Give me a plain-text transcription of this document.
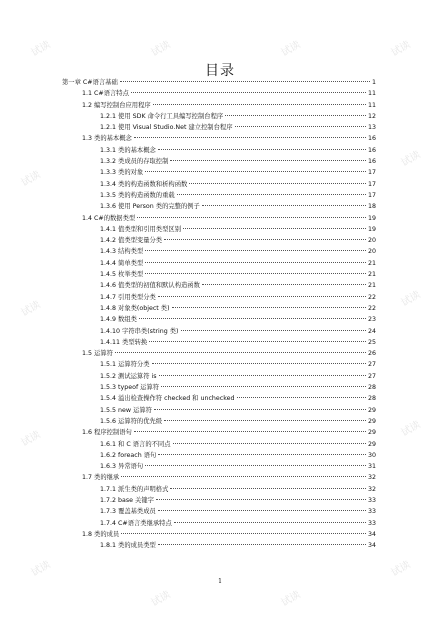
试读	试读	试读	试读
试读
试读
试读
试读
试读
试读
试读
试读	试读
试读
目录
第一章 C#语言基础	1
1.1 C#语言特点	11
1.2 编写控制台应用程序	11
1.2.1 使用 SDK 命令行工具编写控制台程序	12
1.2.1 使用 Visual Studio.Net 建立控制台程序	13
1.3 类的基本概念	16
1.3.1 类的基本概念	16
1.3.2 类成员的存取控制	16
1.3.3 类的对象	17
1.3.4 类的构造函数和析构函数	17
1.3.5 类的构造函数的重载	17
1.3.6 使用 Person 类的完整的例子	18
1.4 C#的数据类型	19
1.4.1 值类型和引用类型区别	19
1.4.2 值类型变量分类	20
1.4.3 结构类型	20
1.4.4 简单类型	21
1.4.5 枚举类型	21
1.4.6 值类型的初值和默认构造函数	21
1.4.7 引用类型分类	22
1.4.8 对象类(object 类)	22
1.4.9 数组类	23
1.4.10 字符串类(string 类)	24
1.4.11 类型转换	25
1.5 运算符	26
1.5.1 运算符分类	27
1.5.2 测试运算符 is	27
1.5.3 typeof 运算符	28
1.5.4 溢出检查操作符 checked 和 unchecked	28
1.5.5 new 运算符	29
1.5.6 运算符的优先级	29
1.6 程序控制语句	29
1.6.1 和 C 语言的不同点	29
1.6.2 foreach 语句	30
1.6.3 异常语句	31
1.7 类的继承	32
1.7.1 派生类的声明格式	32
1.7.2 base 关键字	33
1.7.3 覆盖基类成员	33
1.7.4 C#语言类继承特点	33
1.8 类的成员	34
1.8.1 类的成员类型	34
1
